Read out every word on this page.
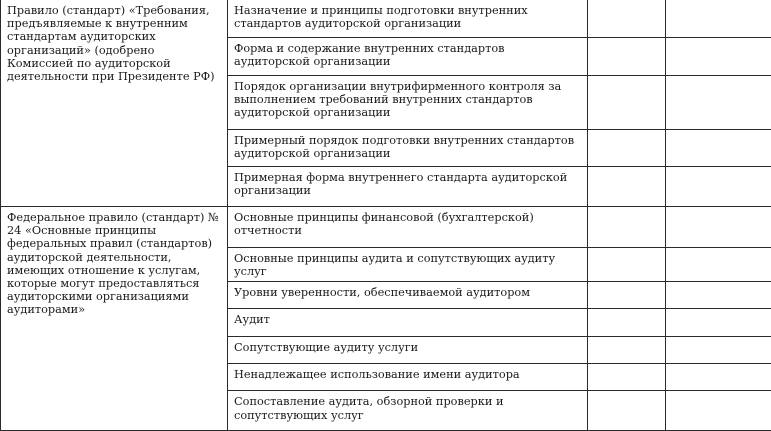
Правило (стандарт) «Требования, предъявляемые к внутренним стандартам аудиторских организаций» (одобрено Комиссией по аудиторской деятельности при Президенте РФ)	Назначение и принципы подготовки внутренних стандартов аудиторской организации		

	Форма и содержание внутренних стандартов аудиторской организации		

	Порядок организации внутрифирменного контроля за выполнением требований внутренних стандартов аудиторской организации		

	Примерный порядок подготовки внутренних стандартов аудиторской организации		

	Примерная форма внутреннего стандарта аудиторской организации		

Федеральное правило (стандарт) № 24 «Основные принципы федеральных правил (стандартов) аудиторской деятельности, имеющих отношение к услугам, которые могут предоставляться аудиторскими организациями аудиторами»	Основные принципы финансовой (бухгалтерской) отчетности		

	Основные принципы аудита и сопутствующих аудиту услуг		

	Уровни уверенности, обеспечиваемой аудитором		

	Аудит		

	Сопутствующие аудиту услуги		

	Ненадлежащее использование имени аудитора		

	Сопоставление аудита, обзорной проверки и сопутствующих услуг		
